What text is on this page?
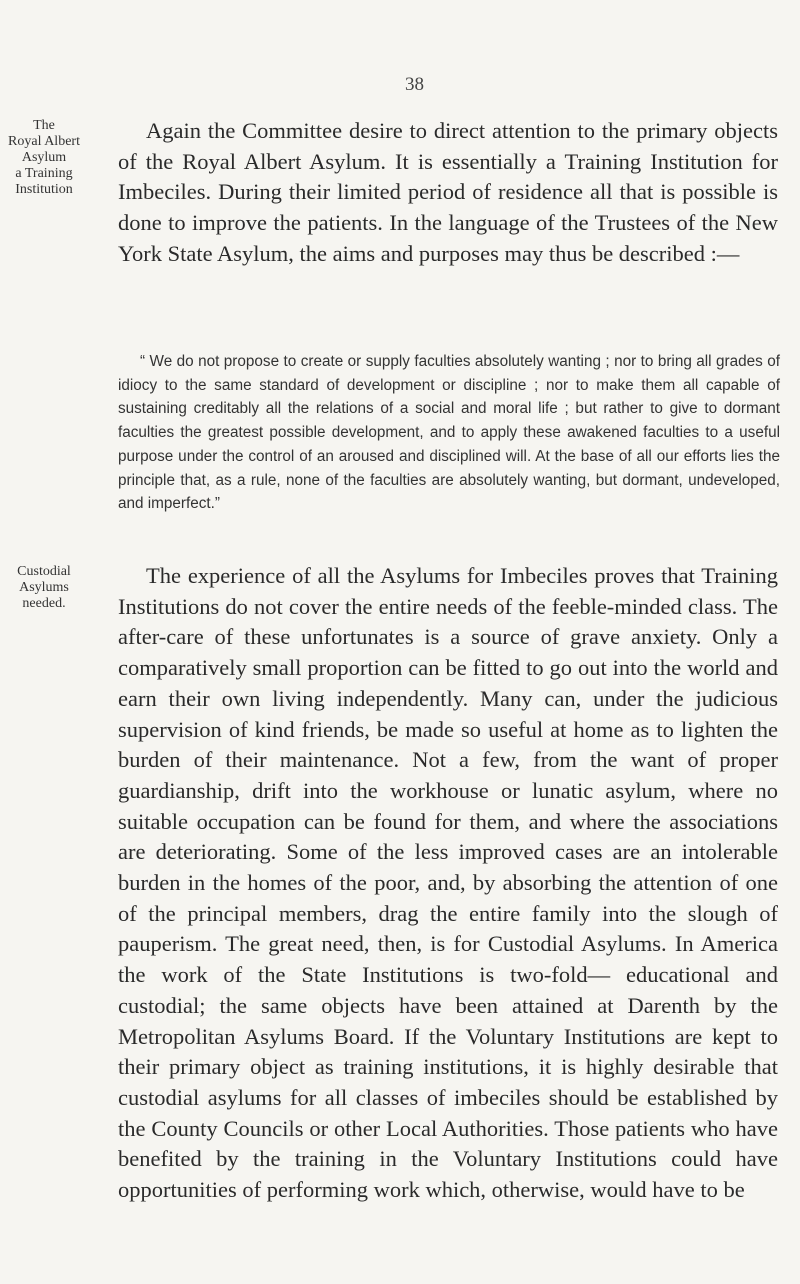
38
The
Royal Albert
Asylum
a Training
Institution

Again the Committee desire to direct attention to the primary objects of the Royal Albert Asylum. It is essentially a Training Institution for Imbeciles. During their limited period of residence all that is possible is done to improve the patients. In the language of the Trustees of the New York State Asylum, the aims and purposes may thus be described :—

“ We do not propose to create or supply faculties absolutely wanting ; nor to bring all grades of idiocy to the same standard of development or discipline ; nor to make them all capable of sustaining creditably all the relations of a social and moral life ; but rather to give to dormant faculties the greatest possible development, and to apply these awakened faculties to a useful purpose under the control of an aroused and disciplined will. At the base of all our efforts lies the principle that, as a rule, none of the faculties are absolutely wanting, but dormant, undeveloped, and imperfect.”

Custodial
Asylums
needed.

The experience of all the Asylums for Imbeciles proves that Training Institutions do not cover the entire needs of the feeble-minded class. The after-care of these unfortunates is a source of grave anxiety. Only a comparatively small proportion can be fitted to go out into the world and earn their own living independently. Many can, under the judicious supervision of kind friends, be made so useful at home as to lighten the burden of their maintenance. Not a few, from the want of proper guardianship, drift into the workhouse or lunatic asylum, where no suitable occupation can be found for them, and where the associations are deteriorating. Some of the less improved cases are an intolerable burden in the homes of the poor, and, by absorbing the attention of one of the principal members, drag the entire family into the slough of pauperism. The great need, then, is for Custodial Asylums. In America the work of the State Institutions is two-fold— educational and custodial; the same objects have been attained at Darenth by the Metropolitan Asylums Board. If the Voluntary Institutions are kept to their primary object as training institutions, it is highly desirable that custodial asylums for all classes of imbeciles should be established by the County Councils or other Local Authorities. Those patients who have benefited by the training in the Voluntary Institutions could have opportunities of performing work which, otherwise, would have to be
